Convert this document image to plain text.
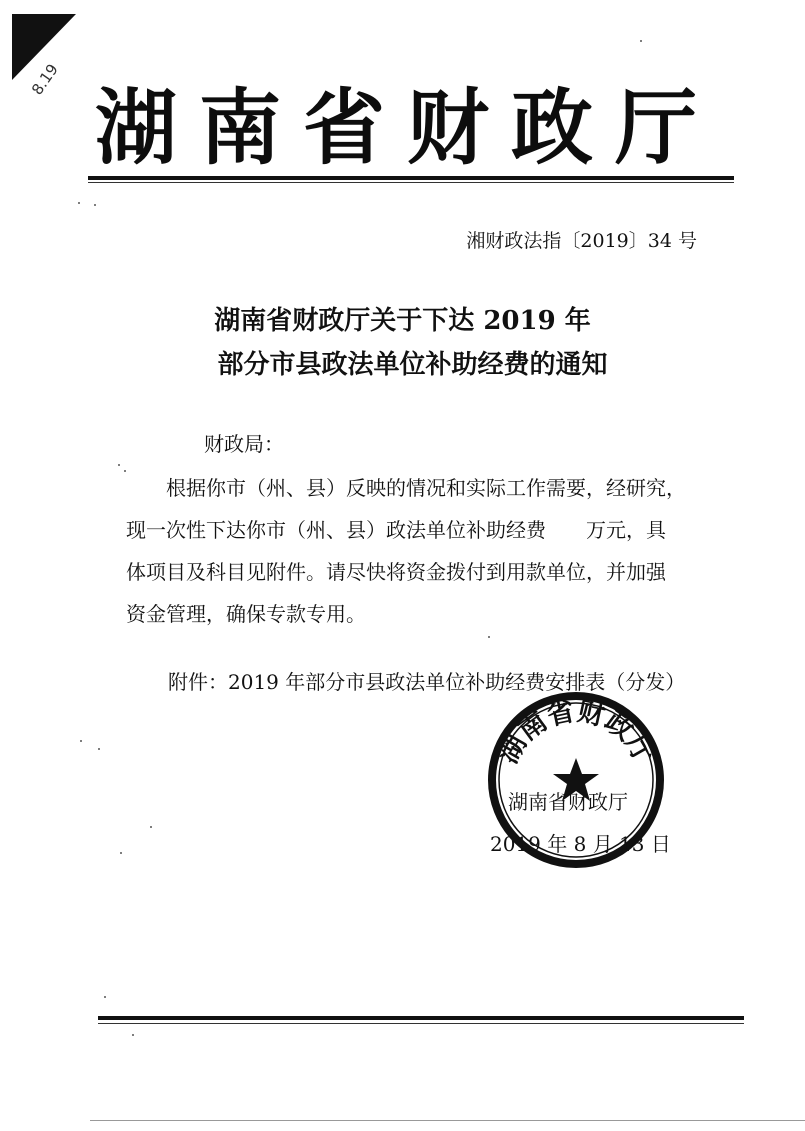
8.19
湖南省财政厅
湘财政法指〔2019〕34 号
湖南省财政厅关于下达 2019 年
部分市县政法单位补助经费的通知
财政局：
根据你市（州、县）反映的情况和实际工作需要，经研究，
现一次性下达你市（州、县）政法单位补助经费　　万元，具
体项目及科目见附件。请尽快将资金拨付到用款单位，并加强
资金管理，确保专款专用。
附件：2019 年部分市县政法单位补助经费安排表（分发）
湖南省财政厅
湖南省财政厅
2019 年 8 月 13 日
